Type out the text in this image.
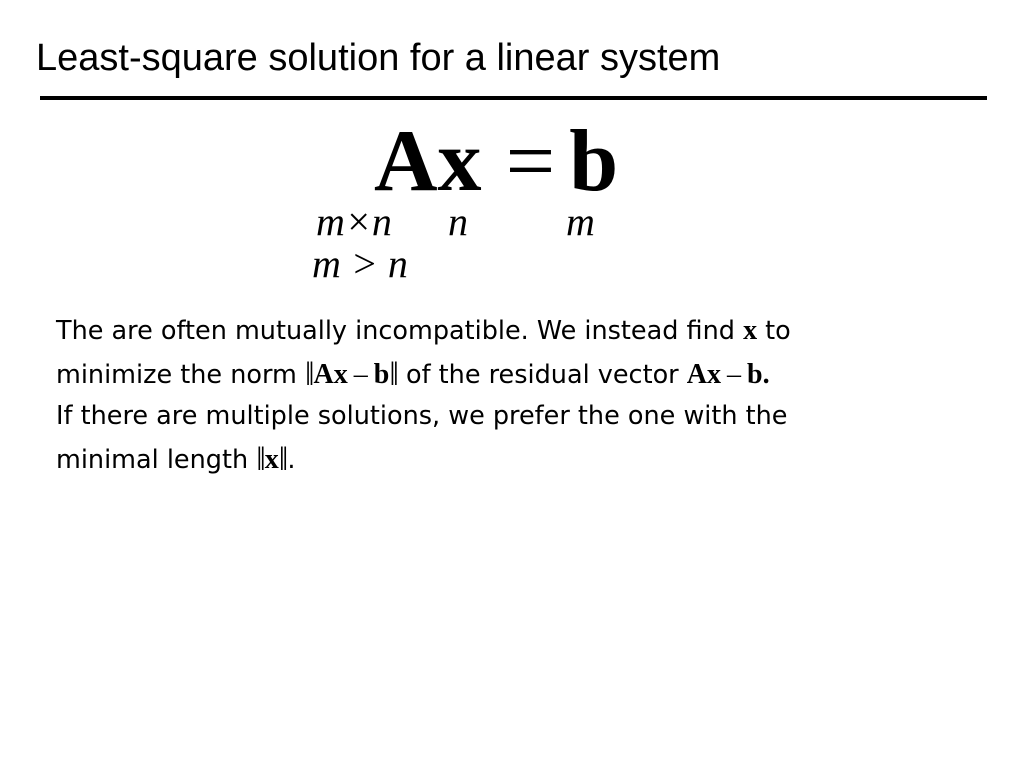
Least-square solution for a linear system
Ax = b
m×n n m
m > n
The are often mutually incompatible. We instead find x to
minimize the norm ‖Ax – b‖ of the residual vector Ax – b.
If there are multiple solutions, we prefer the one with the
minimal length ‖x‖.
